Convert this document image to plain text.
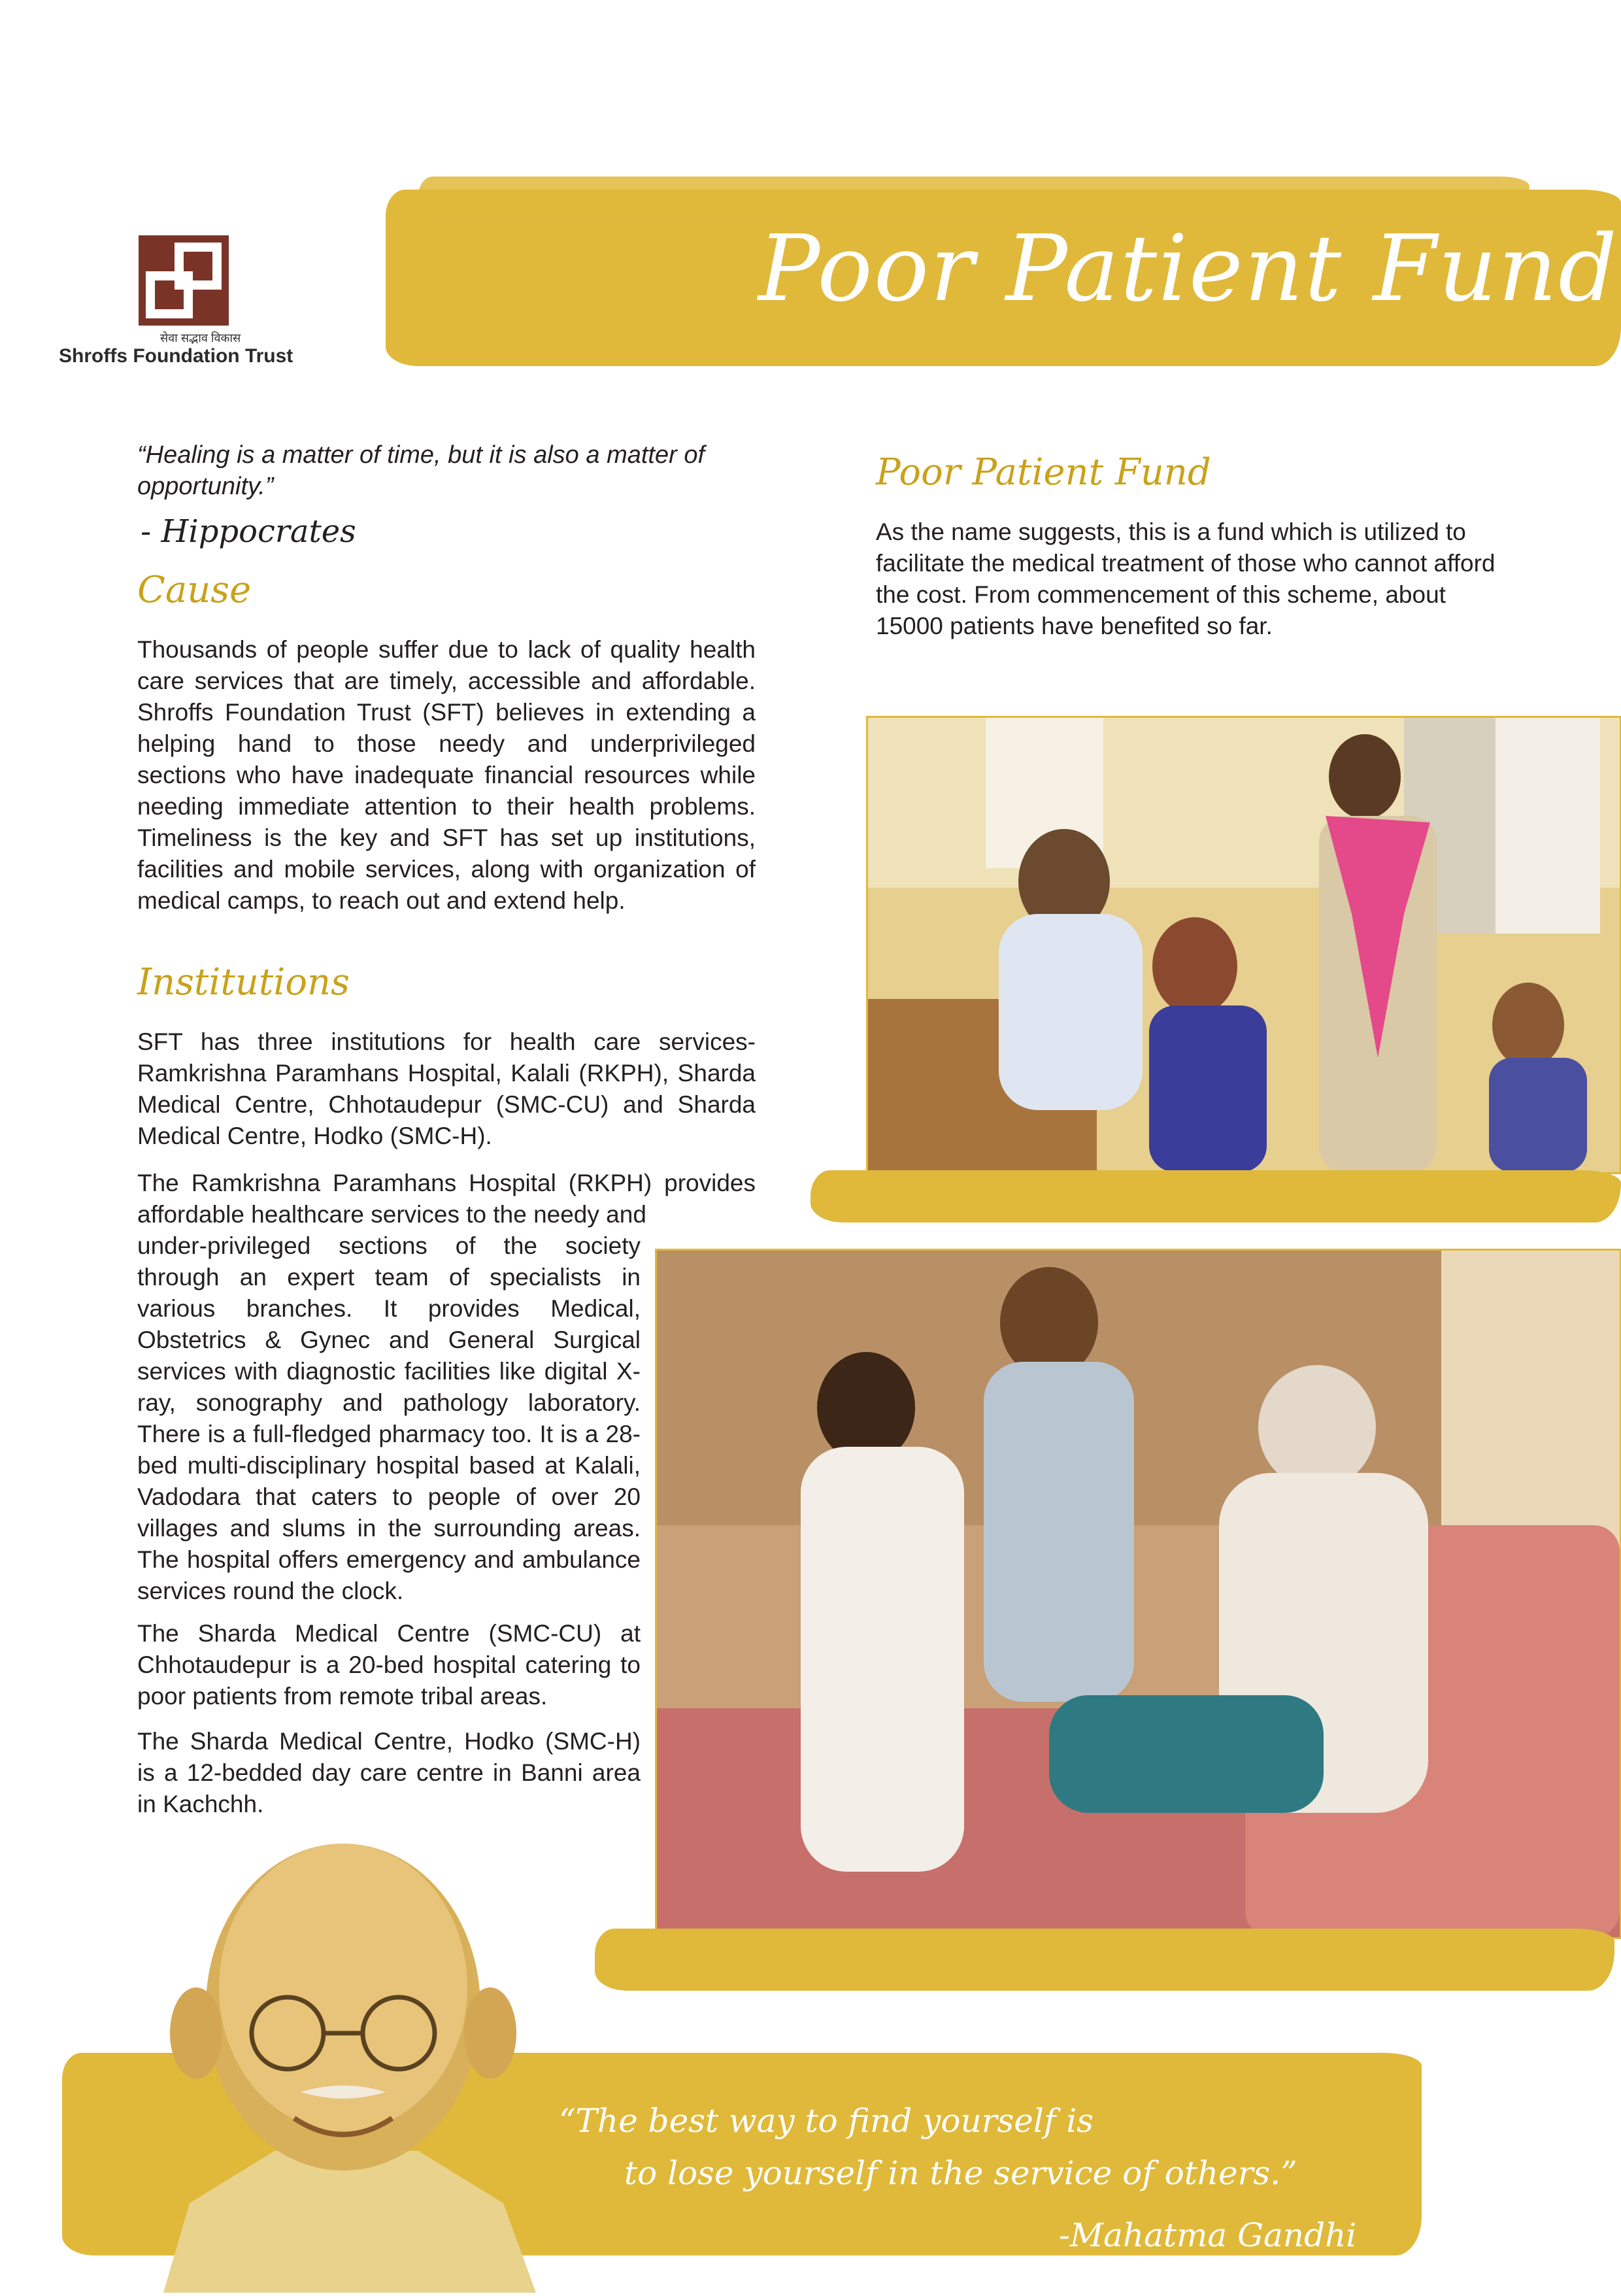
सेवा सद्भाव विकास
Shroffs Foundation Trust
Poor Patient Fund
“Healing is a matter of time, but it is also a matter of opportunity.”
- Hippocrates
Cause
Thousands of people suffer due to lack of quality health care services that are timely, accessible and affordable. Shroffs Foundation Trust (SFT) believes in extending a helping hand to those needy and underprivileged sections who have inadequate financial resources while needing immediate attention to their health problems. Timeliness is the key and SFT has set up institutions, facilities and mobile services, along with organization of medical camps, to reach out and extend help.
Institutions
SFT has three institutions for health care services- Ramkrishna Paramhans Hospital, Kalali (RKPH), Sharda Medical Centre, Chhotaudepur (SMC-CU) and Sharda Medical Centre, Hodko (SMC-H).
The Ramkrishna Paramhans Hospital (RKPH) provides affordable healthcare services to the needy and
under-privileged sections of the society through an expert team of specialists in various branches. It provides Medical, Obstetrics & Gynec and General Surgical services with diagnostic facilities like digital X-ray, sonography and pathology laboratory. There is a full-fledged pharmacy too. It is a 28-bed multi-disciplinary hospital based at Kalali, Vadodara that caters to people of over 20 villages and slums in the surrounding areas. The hospital offers emergency and ambulance services round the clock.
The Sharda Medical Centre (SMC-CU) at Chhotaudepur is a 20-bed hospital catering to poor patients from remote tribal areas.
The Sharda Medical Centre, Hodko (SMC-H) is a 12-bedded day care centre in Banni area in Kachchh.
Poor Patient Fund
As the name suggests, this is a fund which is utilized to facilitate the medical treatment of those who cannot afford the cost. From commencement of this scheme, about 15000 patients have benefited so far.
“The best way to find yourself is
to lose yourself in the service of others.”
-Mahatma Gandhi
